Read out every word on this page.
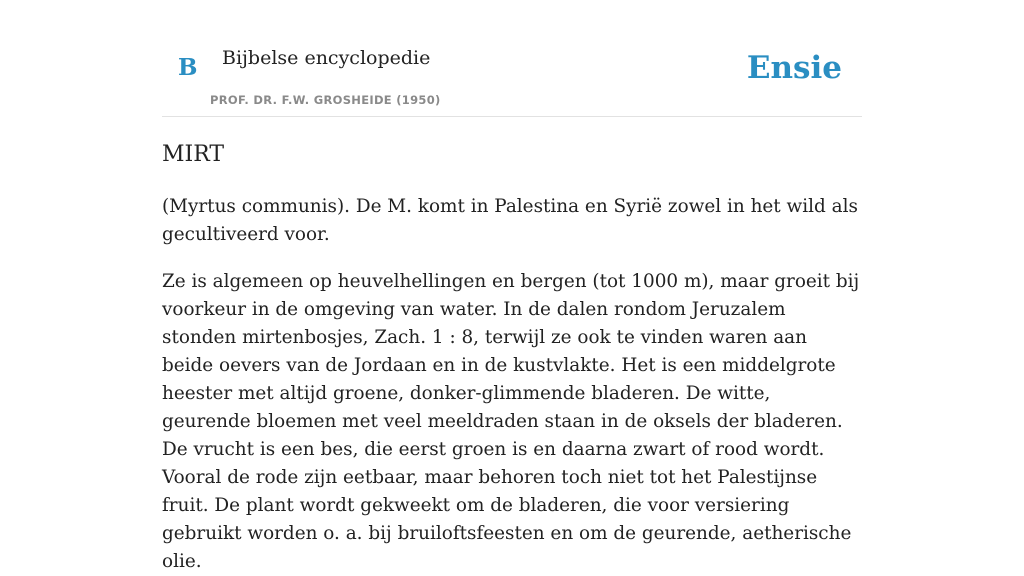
B Bijbelse encyclopedie
PROF. DR. F.W. GROSHEIDE (1950)
Ensie
MIRT

(Myrtus communis). De M. komt in Palestina en Syrië zowel in het wild als gecultiveerd voor.

Ze is algemeen op heuvelhellingen en bergen (tot 1000 m), maar groeit bij voorkeur in de omgeving van water. In de dalen rondom Jeruzalem stonden mirtenbosjes, Zach. 1 : 8, terwijl ze ook te vinden waren aan beide oevers van de Jordaan en in de kustvlakte. Het is een middelgrote heester met altijd groene, donker-glimmende bladeren. De witte, geurende bloemen met veel meeldraden staan in de oksels der bladeren. De vrucht is een bes, die eerst groen is en daarna zwart of rood wordt. Vooral de rode zijn eetbaar, maar behoren toch niet tot het Palestijnse fruit. De plant wordt gekweekt om de bladeren, die voor versiering gebruikt worden o. a. bij bruiloftsfeesten en om de geurende, aetherische olie.
